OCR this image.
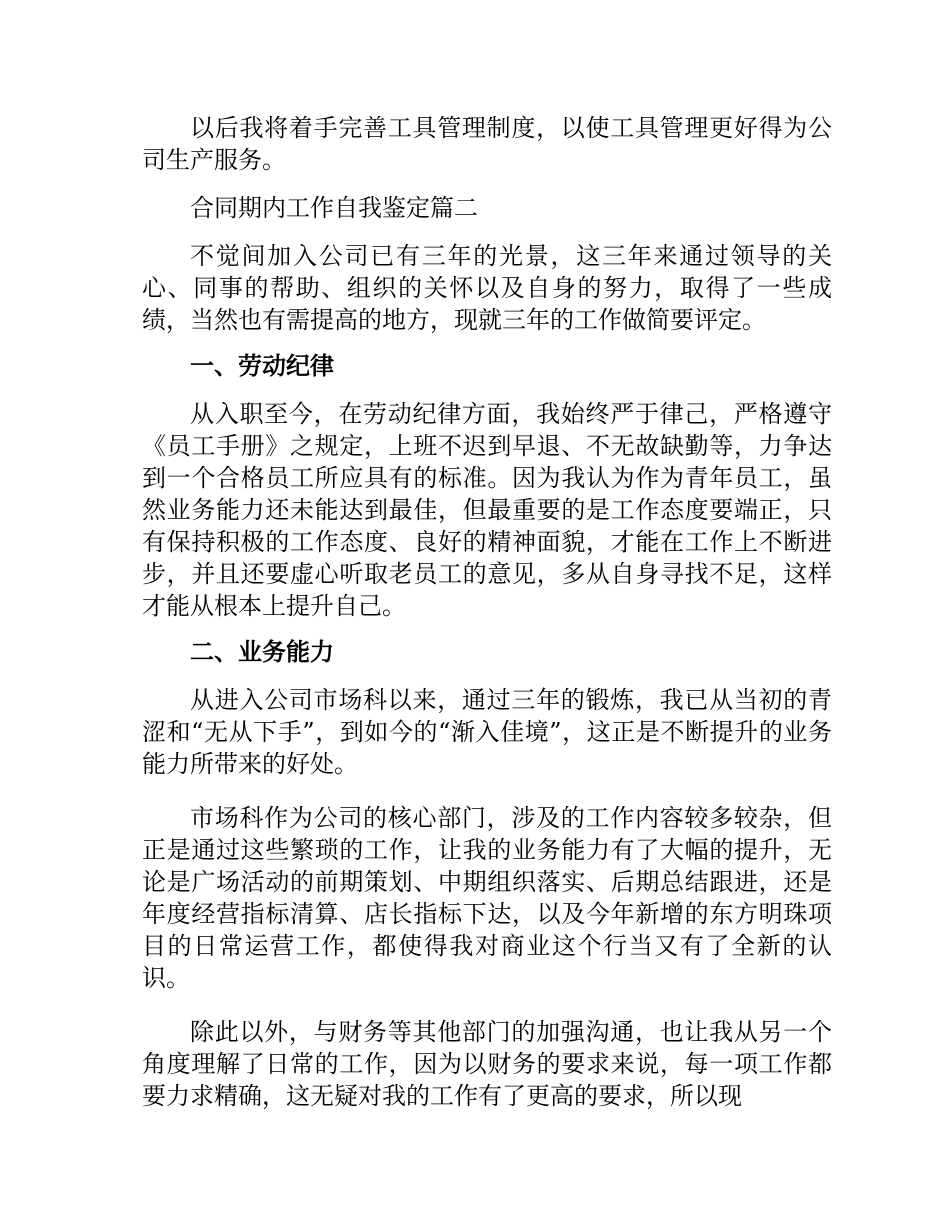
以后我将着手完善工具管理制度，以使工具管理更好得为公司生产服务。

合同期内工作自我鉴定篇二

不觉间加入公司已有三年的光景，这三年来通过领导的关心、同事的帮助、组织的关怀以及自身的努力，取得了一些成绩，当然也有需提高的地方，现就三年的工作做简要评定。

一、劳动纪律

从入职至今，在劳动纪律方面，我始终严于律己，严格遵守《员工手册》之规定，上班不迟到早退、不无故缺勤等，力争达到一个合格员工所应具有的标准。因为我认为作为青年员工，虽然业务能力还未能达到最佳，但最重要的是工作态度要端正，只有保持积极的工作态度、良好的精神面貌，才能在工作上不断进步，并且还要虚心听取老员工的意见，多从自身寻找不足，这样才能从根本上提升自己。

二、业务能力

从进入公司市场科以来，通过三年的锻炼，我已从当初的青涩和“无从下手”，到如今的“渐入佳境”，这正是不断提升的业务能力所带来的好处。

市场科作为公司的核心部门，涉及的工作内容较多较杂，但正是通过这些繁琐的工作，让我的业务能力有了大幅的提升，无论是广场活动的前期策划、中期组织落实、后期总结跟进，还是年度经营指标清算、店长指标下达，以及今年新增的东方明珠项目的日常运营工作，都使得我对商业这个行当又有了全新的认识。

除此以外，与财务等其他部门的加强沟通，也让我从另一个角度理解了日常的工作，因为以财务的要求来说，每一项工作都要力求精确，这无疑对我的工作有了更高的要求，所以现
